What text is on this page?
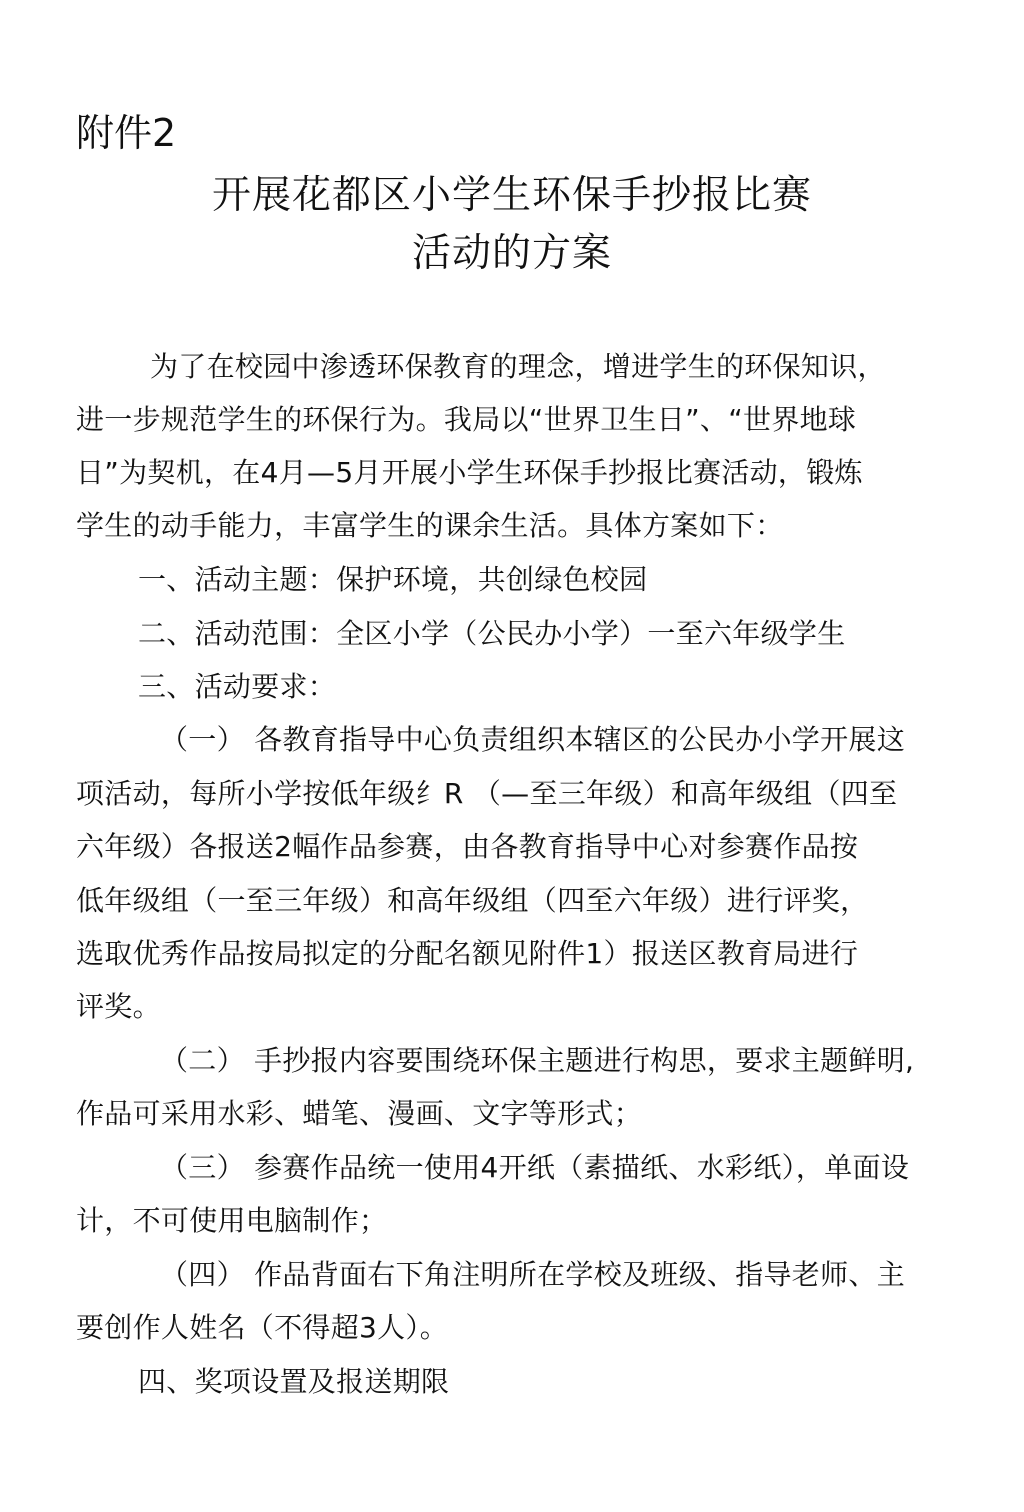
附件2
开展花都区小学生环保手抄报比赛
活动的方案
为了在校园中渗透环保教育的理念，增进学生的环保知识，
进一步规范学生的环保行为。我局以“世界卫生日”、“世界地球
日”为契机，在4月—5月开展小学生环保手抄报比赛活动，锻炼
学生的动手能力，丰富学生的课余生活。具体方案如下：
一、活动主题：保护环境，共创绿色校园
二、活动范围：全区小学（公民办小学）一至六年级学生
三、活动要求：
（一） 各教育指导中心负责组织本辖区的公民办小学开展这
项活动，每所小学按低年级纟R （—至三年级）和高年级组（四至
六年级）各报送2幅作品参赛，由各教育指导中心对参赛作品按
低年级组（一至三年级）和高年级组（四至六年级）进行评奖，
选取优秀作品按局拟定的分配名额见附件1）报送区教育局进行
评奖。
（二） 手抄报内容要围绕环保主题进行构思，要求主题鲜明,
作品可采用水彩、蜡笔、漫画、文字等形式；
（三） 参赛作品统一使用4开纸（素描纸、水彩纸），单面设
计，不可使用电脑制作；
（四） 作品背面右下角注明所在学校及班级、指导老师、主
要创作人姓名（不得超3人）。
四、奖项设置及报送期限
